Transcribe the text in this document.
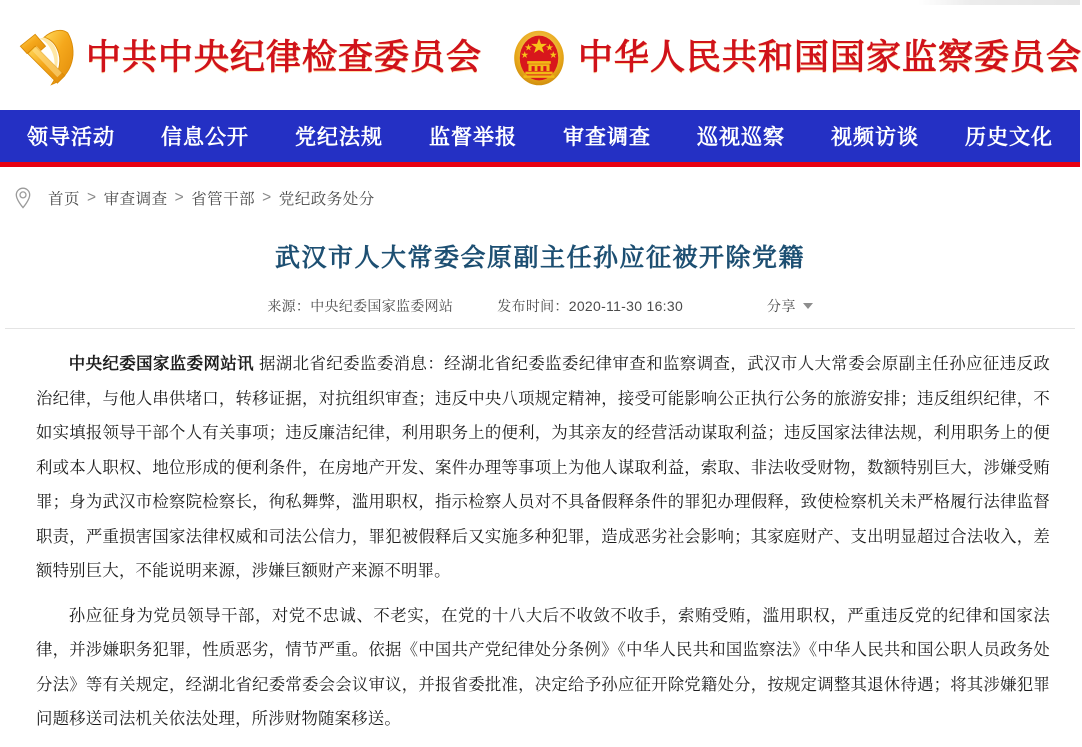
中共中央纪律检查委员会	中华人民共和国国家监察委员会
领导活动	信息公开	党纪法规	监督举报	审查调查	巡视巡察	视频访谈	历史文化
首页 > 审查调查 > 省管干部 > 党纪政务处分
武汉市人大常委会原副主任孙应征被开除党籍
来源：中央纪委国家监委网站	发布时间：2020-11-30 16:30	分享

中央纪委国家监委网站讯 据湖北省纪委监委消息：经湖北省纪委监委纪律审查和监察调查，武汉市人大常委会原副主任孙应征违反政治纪律，与他人串供堵口，转移证据，对抗组织审查；违反中央八项规定精神，接受可能影响公正执行公务的旅游安排；违反组织纪律，不如实填报领导干部个人有关事项；违反廉洁纪律，利用职务上的便利，为其亲友的经营活动谋取利益；违反国家法律法规，利用职务上的便利或本人职权、地位形成的便利条件，在房地产开发、案件办理等事项上为他人谋取利益，索取、非法收受财物，数额特别巨大，涉嫌受贿罪；身为武汉市检察院检察长，徇私舞弊，滥用职权，指示检察人员对不具备假释条件的罪犯办理假释，致使检察机关未严格履行法律监督职责，严重损害国家法律权威和司法公信力，罪犯被假释后又实施多种犯罪，造成恶劣社会影响；其家庭财产、支出明显超过合法收入，差额特别巨大，不能说明来源，涉嫌巨额财产来源不明罪。

孙应征身为党员领导干部，对党不忠诚、不老实，在党的十八大后不收敛不收手，索贿受贿，滥用职权，严重违反党的纪律和国家法律，并涉嫌职务犯罪，性质恶劣，情节严重。依据《中国共产党纪律处分条例》《中华人民共和国监察法》《中华人民共和国公职人员政务处分法》等有关规定，经湖北省纪委常委会会议审议，并报省委批准，决定给予孙应征开除党籍处分，按规定调整其退休待遇；将其涉嫌犯罪问题移送司法机关依法处理，所涉财物随案移送。
